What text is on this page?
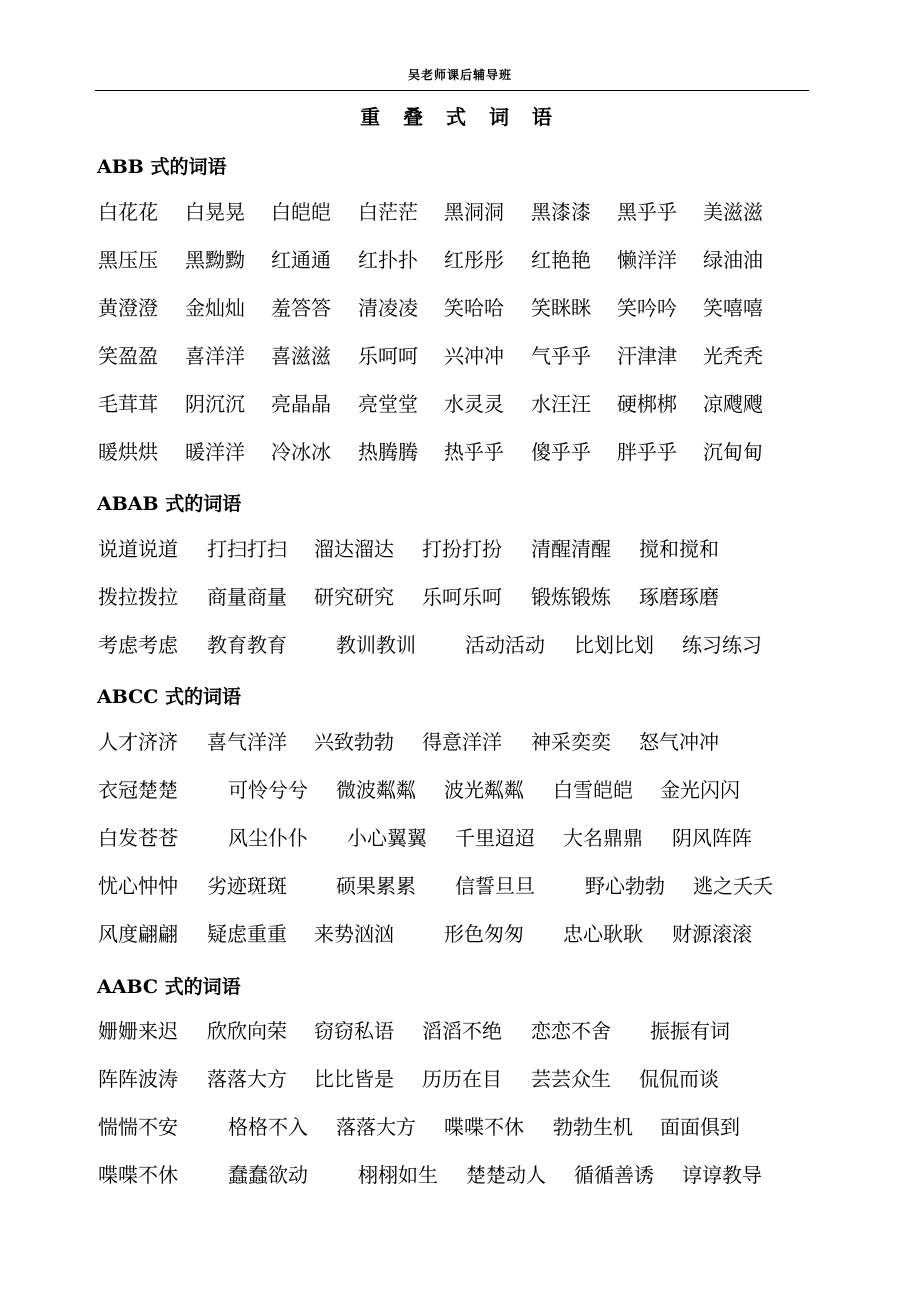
吴老师课后辅导班
重 叠 式 词 语
ABB 式的词语
白花花 白晃晃 白皑皑 白茫茫 黑洞洞 黑漆漆 黑乎乎 美滋滋
黑压压 黑黝黝 红通通 红扑扑 红彤彤 红艳艳 懒洋洋 绿油油
黄澄澄 金灿灿 羞答答 清凌凌 笑哈哈 笑眯眯 笑吟吟 笑嘻嘻
笑盈盈 喜洋洋 喜滋滋 乐呵呵 兴冲冲 气乎乎 汗津津 光秃秃
毛茸茸 阴沉沉 亮晶晶 亮堂堂 水灵灵 水汪汪 硬梆梆 凉飕飕
暖烘烘 暖洋洋 冷冰冰 热腾腾 热乎乎 傻乎乎 胖乎乎 沉甸甸
ABAB 式的词语
说道说道 打扫打扫 溜达溜达 打扮打扮 清醒清醒 搅和搅和
拨拉拨拉 商量商量 研究研究 乐呵乐呵 锻炼锻炼 琢磨琢磨
考虑考虑 教育教育 教训教训 活动活动 比划比划 练习练习
ABCC 式的词语
人才济济 喜气洋洋 兴致勃勃 得意洋洋 神采奕奕 怒气冲冲
衣冠楚楚	可怜兮兮 微波粼粼 波光粼粼 白雪皑皑 金光闪闪
白发苍苍	风尘仆仆 小心翼翼 千里迢迢 大名鼎鼎 阴风阵阵
忧心忡忡 劣迹斑斑 硕果累累 信誓旦旦	野心勃勃 逃之夭夭
风度翩翩 疑虑重重 来势汹汹	形色匆匆 忠心耿耿 财源滚滚
AABC 式的词语
姗姗来迟 欣欣向荣 窃窃私语 滔滔不绝 恋恋不舍 振振有词
阵阵波涛 落落大方 比比皆是 历历在目 芸芸众生 侃侃而谈
惴惴不安	格格不入 落落大方 喋喋不休 勃勃生机 面面俱到
喋喋不休	蠢蠢欲动	栩栩如生 楚楚动人 循循善诱 谆谆教导
